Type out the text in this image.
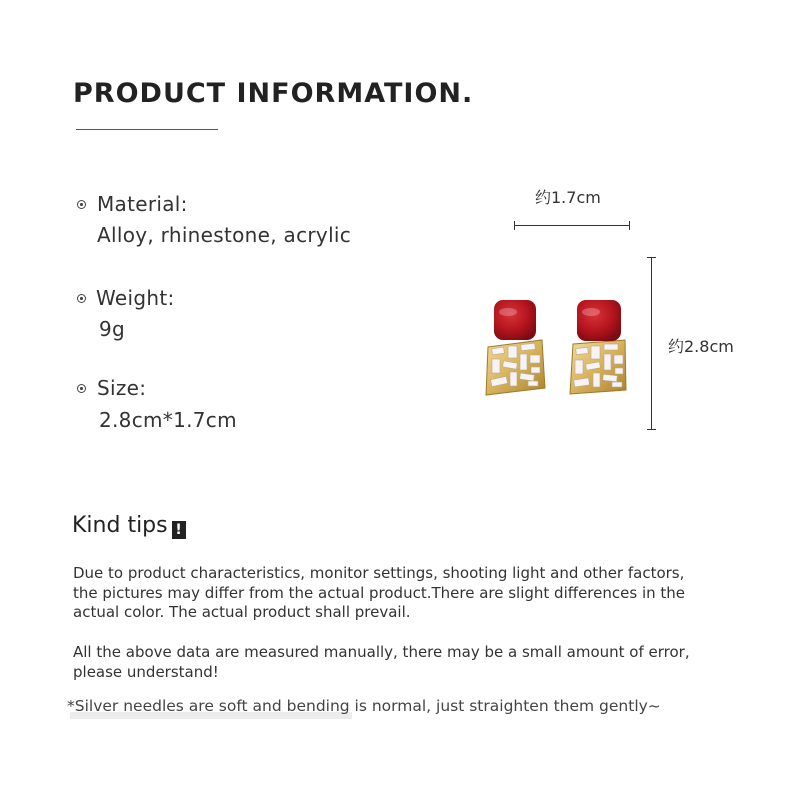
PRODUCT INFORMATION.
Material:
Alloy, rhinestone, acrylic
Weight:
9g
Size:
2.8cm*1.7cm
约1.7cm
约2.8cm
Kind tips !
Due to product characteristics, monitor settings, shooting light and other factors, the pictures may differ from the actual product.There are slight differences in the actual color. The actual product shall prevail.
All the above data are measured manually, there may be a small amount of error, please understand!
*Silver needles are soft and bending is normal, just straighten them gently~
